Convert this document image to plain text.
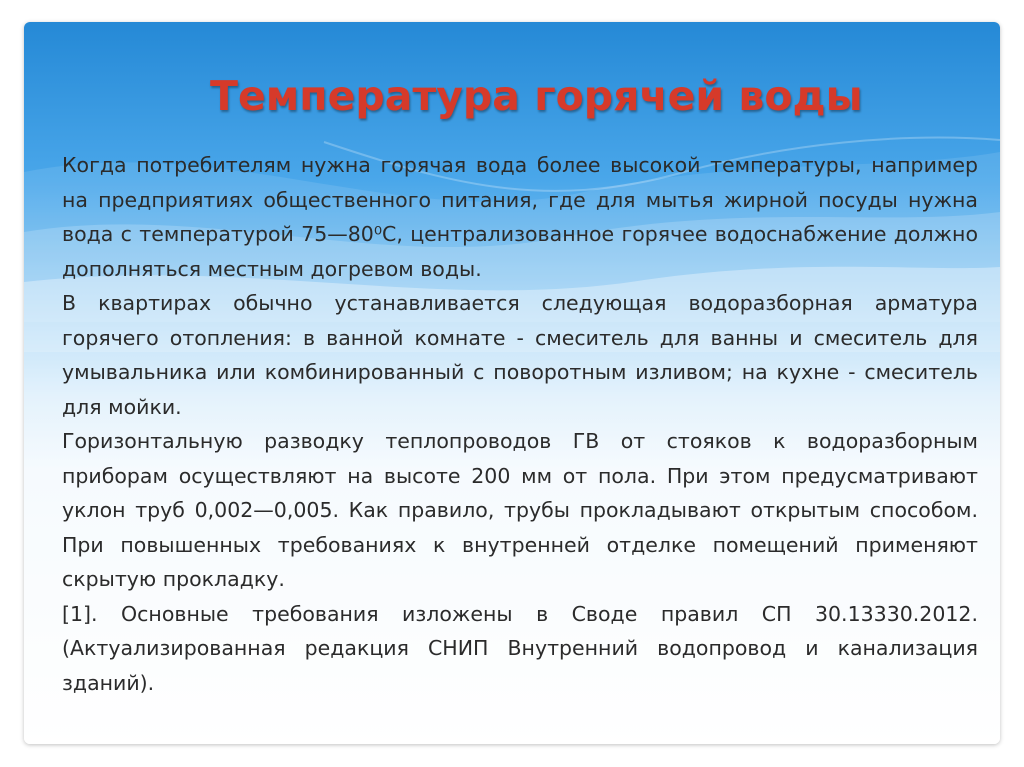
Температура горячей воды

Когда потребителям нужна горячая вода более высокой температуры, например на предприятиях общественного питания, где для мытья жирной посуды нужна вода с температурой 75—80⁰С, централизованное горячее водоснабжение должно дополняться местным догревом воды.

В квартирах обычно устанавливается следующая водоразборная арматура горячего отопления: в ванной комнате - смеситель для ванны и смеситель для умывальника или комбинированный с поворотным изливом; на кухне - смеситель для мойки.

Горизонтальную разводку теплопроводов ГВ от стояков к водоразборным приборам осуществляют на высоте 200 мм от пола. При этом предусматривают уклон труб 0,002—0,005. Как правило, трубы прокладывают открытым способом. При повышенных требованиях к внутренней отделке помещений применяют скрытую прокладку.

[1]. Основные требования изложены в Своде правил СП 30.13330.2012. (Актуализированная редакция СНИП Внутренний водопровод и канализация зданий).
